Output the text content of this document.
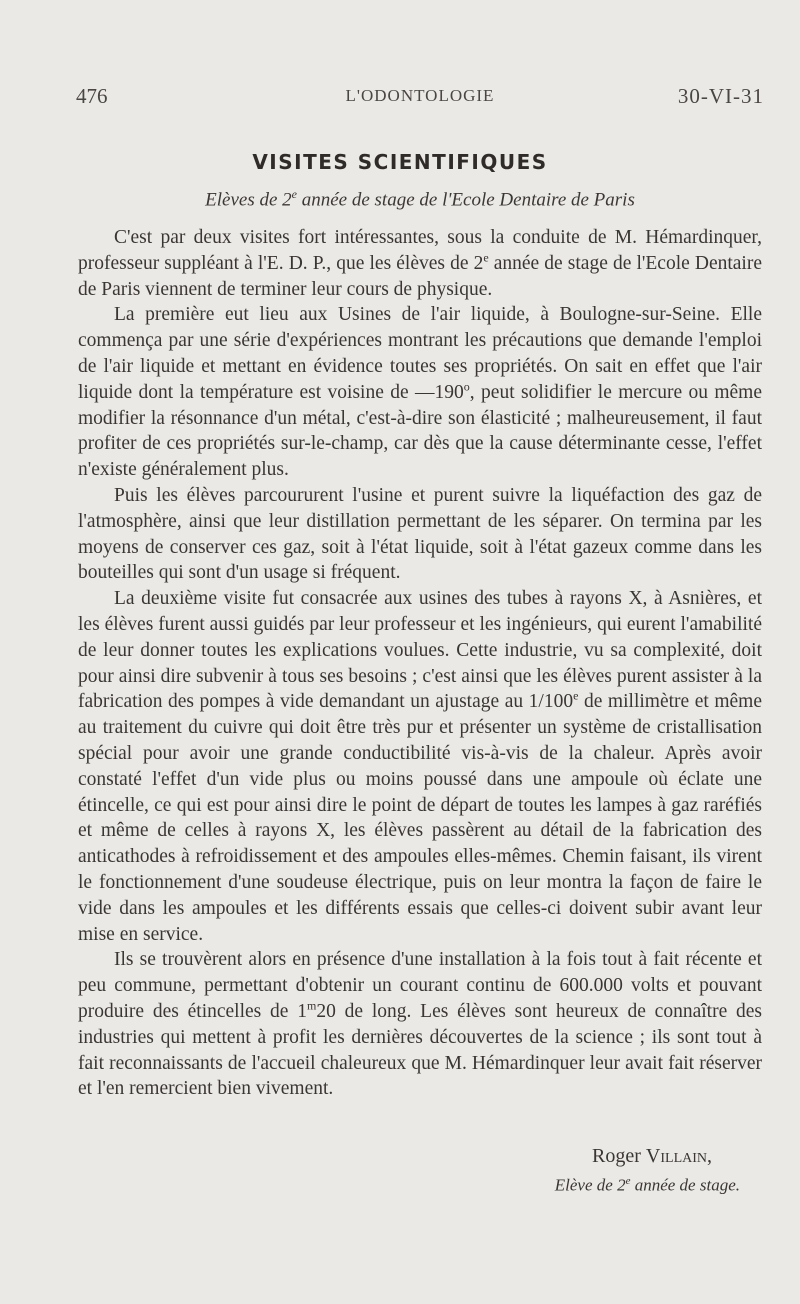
476	L'ODONTOLOGIE	30-VI-31
VISITES SCIENTIFIQUES
Elèves de 2e année de stage de l'Ecole Dentaire de Paris

C'est par deux visites fort intéressantes, sous la conduite de M. Hémardinquer, professeur suppléant à l'E. D. P., que les élèves de 2e année de stage de l'Ecole Dentaire de Paris viennent de terminer leur cours de physique.

La première eut lieu aux Usines de l'air liquide, à Boulogne-sur-Seine. Elle commença par une série d'expériences montrant les précautions que demande l'emploi de l'air liquide et mettant en évidence toutes ses propriétés. On sait en effet que l'air liquide dont la température est voisine de —190$^o$, peut solidifier le mercure ou même modifier la résonnance d'un métal, c'est-à-dire son élasticité ; malheureusement, il faut profiter de ces propriétés sur-le-champ, car dès que la cause déterminante cesse, l'effet n'existe généralement plus.

Puis les élèves parcoururent l'usine et purent suivre la liquéfaction des gaz de l'atmosphère, ainsi que leur distillation permettant de les séparer. On termina par les moyens de conserver ces gaz, soit à l'état liquide, soit à l'état gazeux comme dans les bouteilles qui sont d'un usage si fréquent.

La deuxième visite fut consacrée aux usines des tubes à rayons X, à Asnières, et les élèves furent aussi guidés par leur professeur et les ingénieurs, qui eurent l'amabilité de leur donner toutes les explications voulues. Cette industrie, vu sa complexité, doit pour ainsi dire subvenir à tous ses besoins ; c'est ainsi que les élèves purent assister à la fabrication des pompes à vide demandant un ajustage au 1/100e de millimètre et même au traitement du cuivre qui doit être très pur et présenter un système de cristallisation spécial pour avoir une grande conductibilité vis-à-vis de la chaleur. Après avoir constaté l'effet d'un vide plus ou moins poussé dans une ampoule où éclate une étincelle, ce qui est pour ainsi dire le point de départ de toutes les lampes à gaz raréfiés et même de celles à rayons X, les élèves passèrent au détail de la fabrication des anticathodes à refroidissement et des ampoules elles-mêmes. Chemin faisant, ils virent le fonctionnement d'une soudeuse électrique, puis on leur montra la façon de faire le vide dans les ampoules et les différents essais que celles-ci doivent subir avant leur mise en service.

Ils se trouvèrent alors en présence d'une installation à la fois tout à fait récente et peu commune, permettant d'obtenir un courant continu de 600.000 volts et pouvant produire des étincelles de 1$^m$20 de long. Les élèves sont heureux de connaître des industries qui mettent à profit les dernières découvertes de la science ; ils sont tout à fait reconnaissants de l'accueil chaleureux que M. Hémardinquer leur avait fait réserver et l'en remercient bien vivement.

Roger Villain,
Elève de 2e année de stage.
